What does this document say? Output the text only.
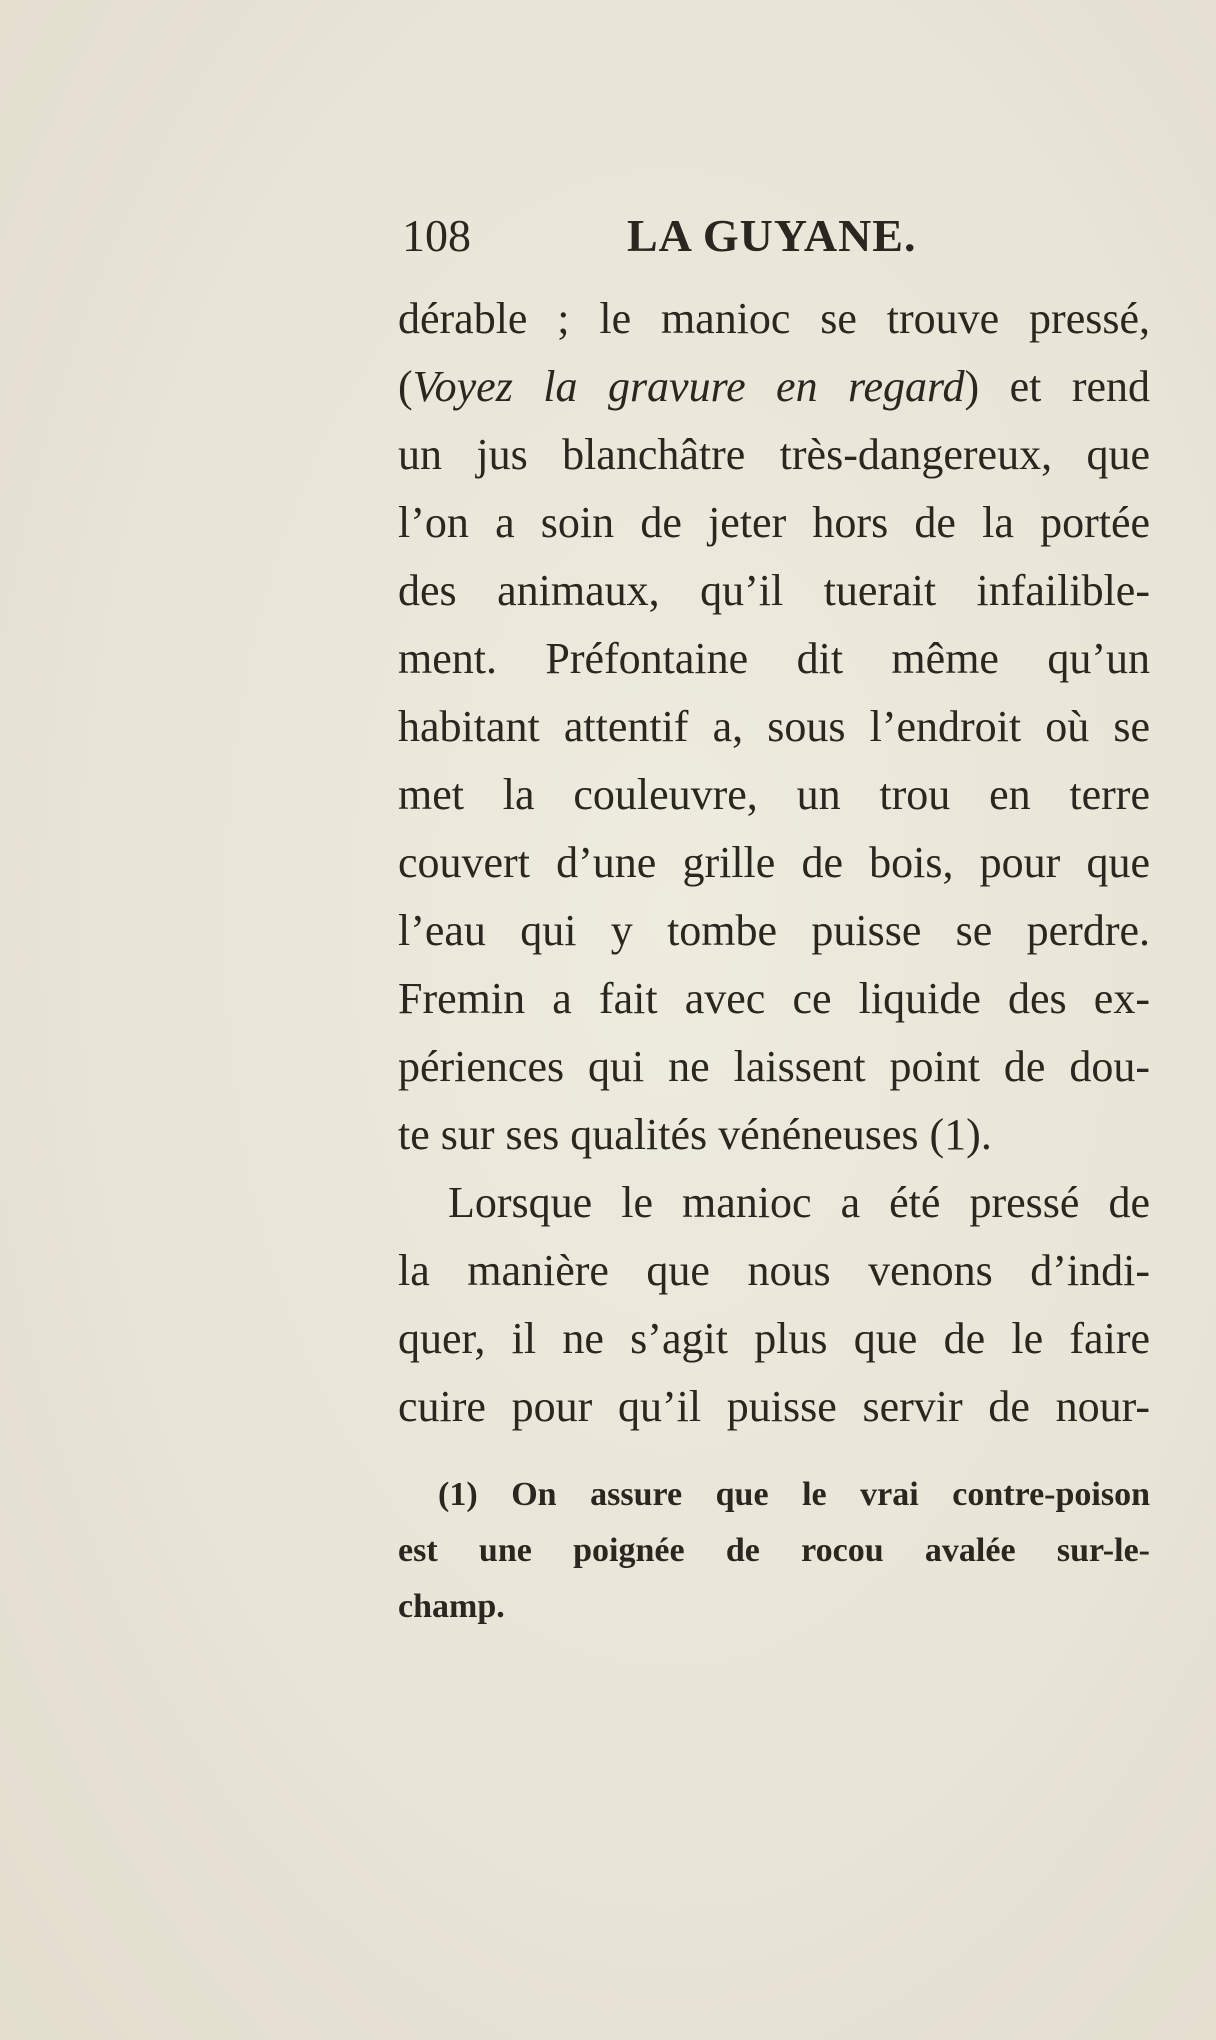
108	LA GUYANE.
dérable ; le manioc se trouve pressé,
(Voyez la gravure en regard) et rend
un jus blanchâtre très-dangereux, que
l’on a soin de jeter hors de la portée
des animaux, qu’il tuerait infailible-
ment. Préfontaine dit même qu’un
habitant attentif a, sous l’endroit où se
met la couleuvre, un trou en terre
couvert d’une grille de bois, pour que
l’eau qui y tombe puisse se perdre.
Fremin a fait avec ce liquide des ex-
périences qui ne laissent point de dou-
te sur ses qualités vénéneuses (1).
Lorsque le manioc a été pressé de
la manière que nous venons d’indi-
quer, il ne s’agit plus que de le faire
cuire pour qu’il puisse servir de nour-
(1) On assure que le vrai contre-poison
est une poignée de rocou avalée sur-le-
champ.
